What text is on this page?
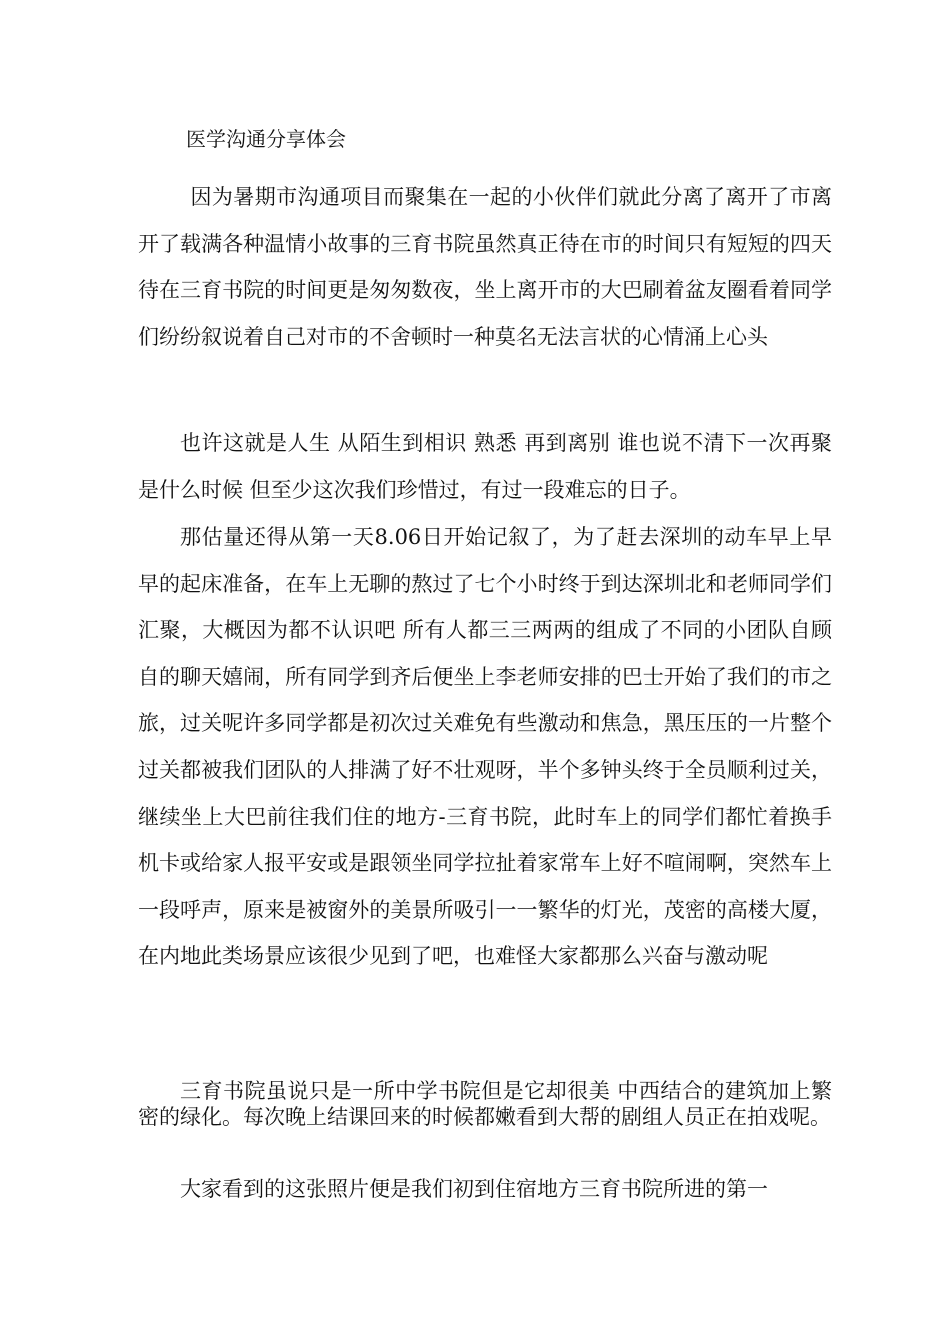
医学沟通分享体会

因为暑期市沟通项目而聚集在一起的小伙伴们就此分离了离开了市离开了载满各种温情小故事的三育书院虽然真正待在市的时间只有短短的四天待在三育书院的时间更是匆匆数夜，坐上离开市的大巴刷着盆友圈看着同学们纷纷叙说着自己对市的不舍顿时一种莫名无法言状的心情涌上心头

也许这就是人生 从陌生到相识 熟悉 再到离别 谁也说不清下一次再聚是什么时候 但至少这次我们珍惜过，有过一段难忘的日子。

那估量还得从第一天8.06日开始记叙了，为了赶去深圳的动车早上早早的起床准备，在车上无聊的熬过了七个小时终于到达深圳北和老师同学们汇聚，大概因为都不认识吧 所有人都三三两两的组成了不同的小团队自顾自的聊天嬉闹，所有同学到齐后便坐上李老师安排的巴士开始了我们的市之旅，过关呢许多同学都是初次过关难免有些激动和焦急，黑压压的一片整个过关都被我们团队的人排满了好不壮观呀，半个多钟头终于全员顺利过关，继续坐上大巴前往我们住的地方-三育书院，此时车上的同学们都忙着换手机卡或给家人报平安或是跟领坐同学拉扯着家常车上好不喧闹啊，突然车上一段呼声，原来是被窗外的美景所吸引一一繁华的灯光，茂密的高楼大厦，在内地此类场景应该很少见到了吧，也难怪大家都那么兴奋与激动呢

三育书院虽说只是一所中学书院但是它却很美 中西结合的建筑加上繁密的绿化。每次晚上结课回来的时候都嫩看到大帮的剧组人员正在拍戏呢。

大家看到的这张照片便是我们初到住宿地方三育书院所进的第一
